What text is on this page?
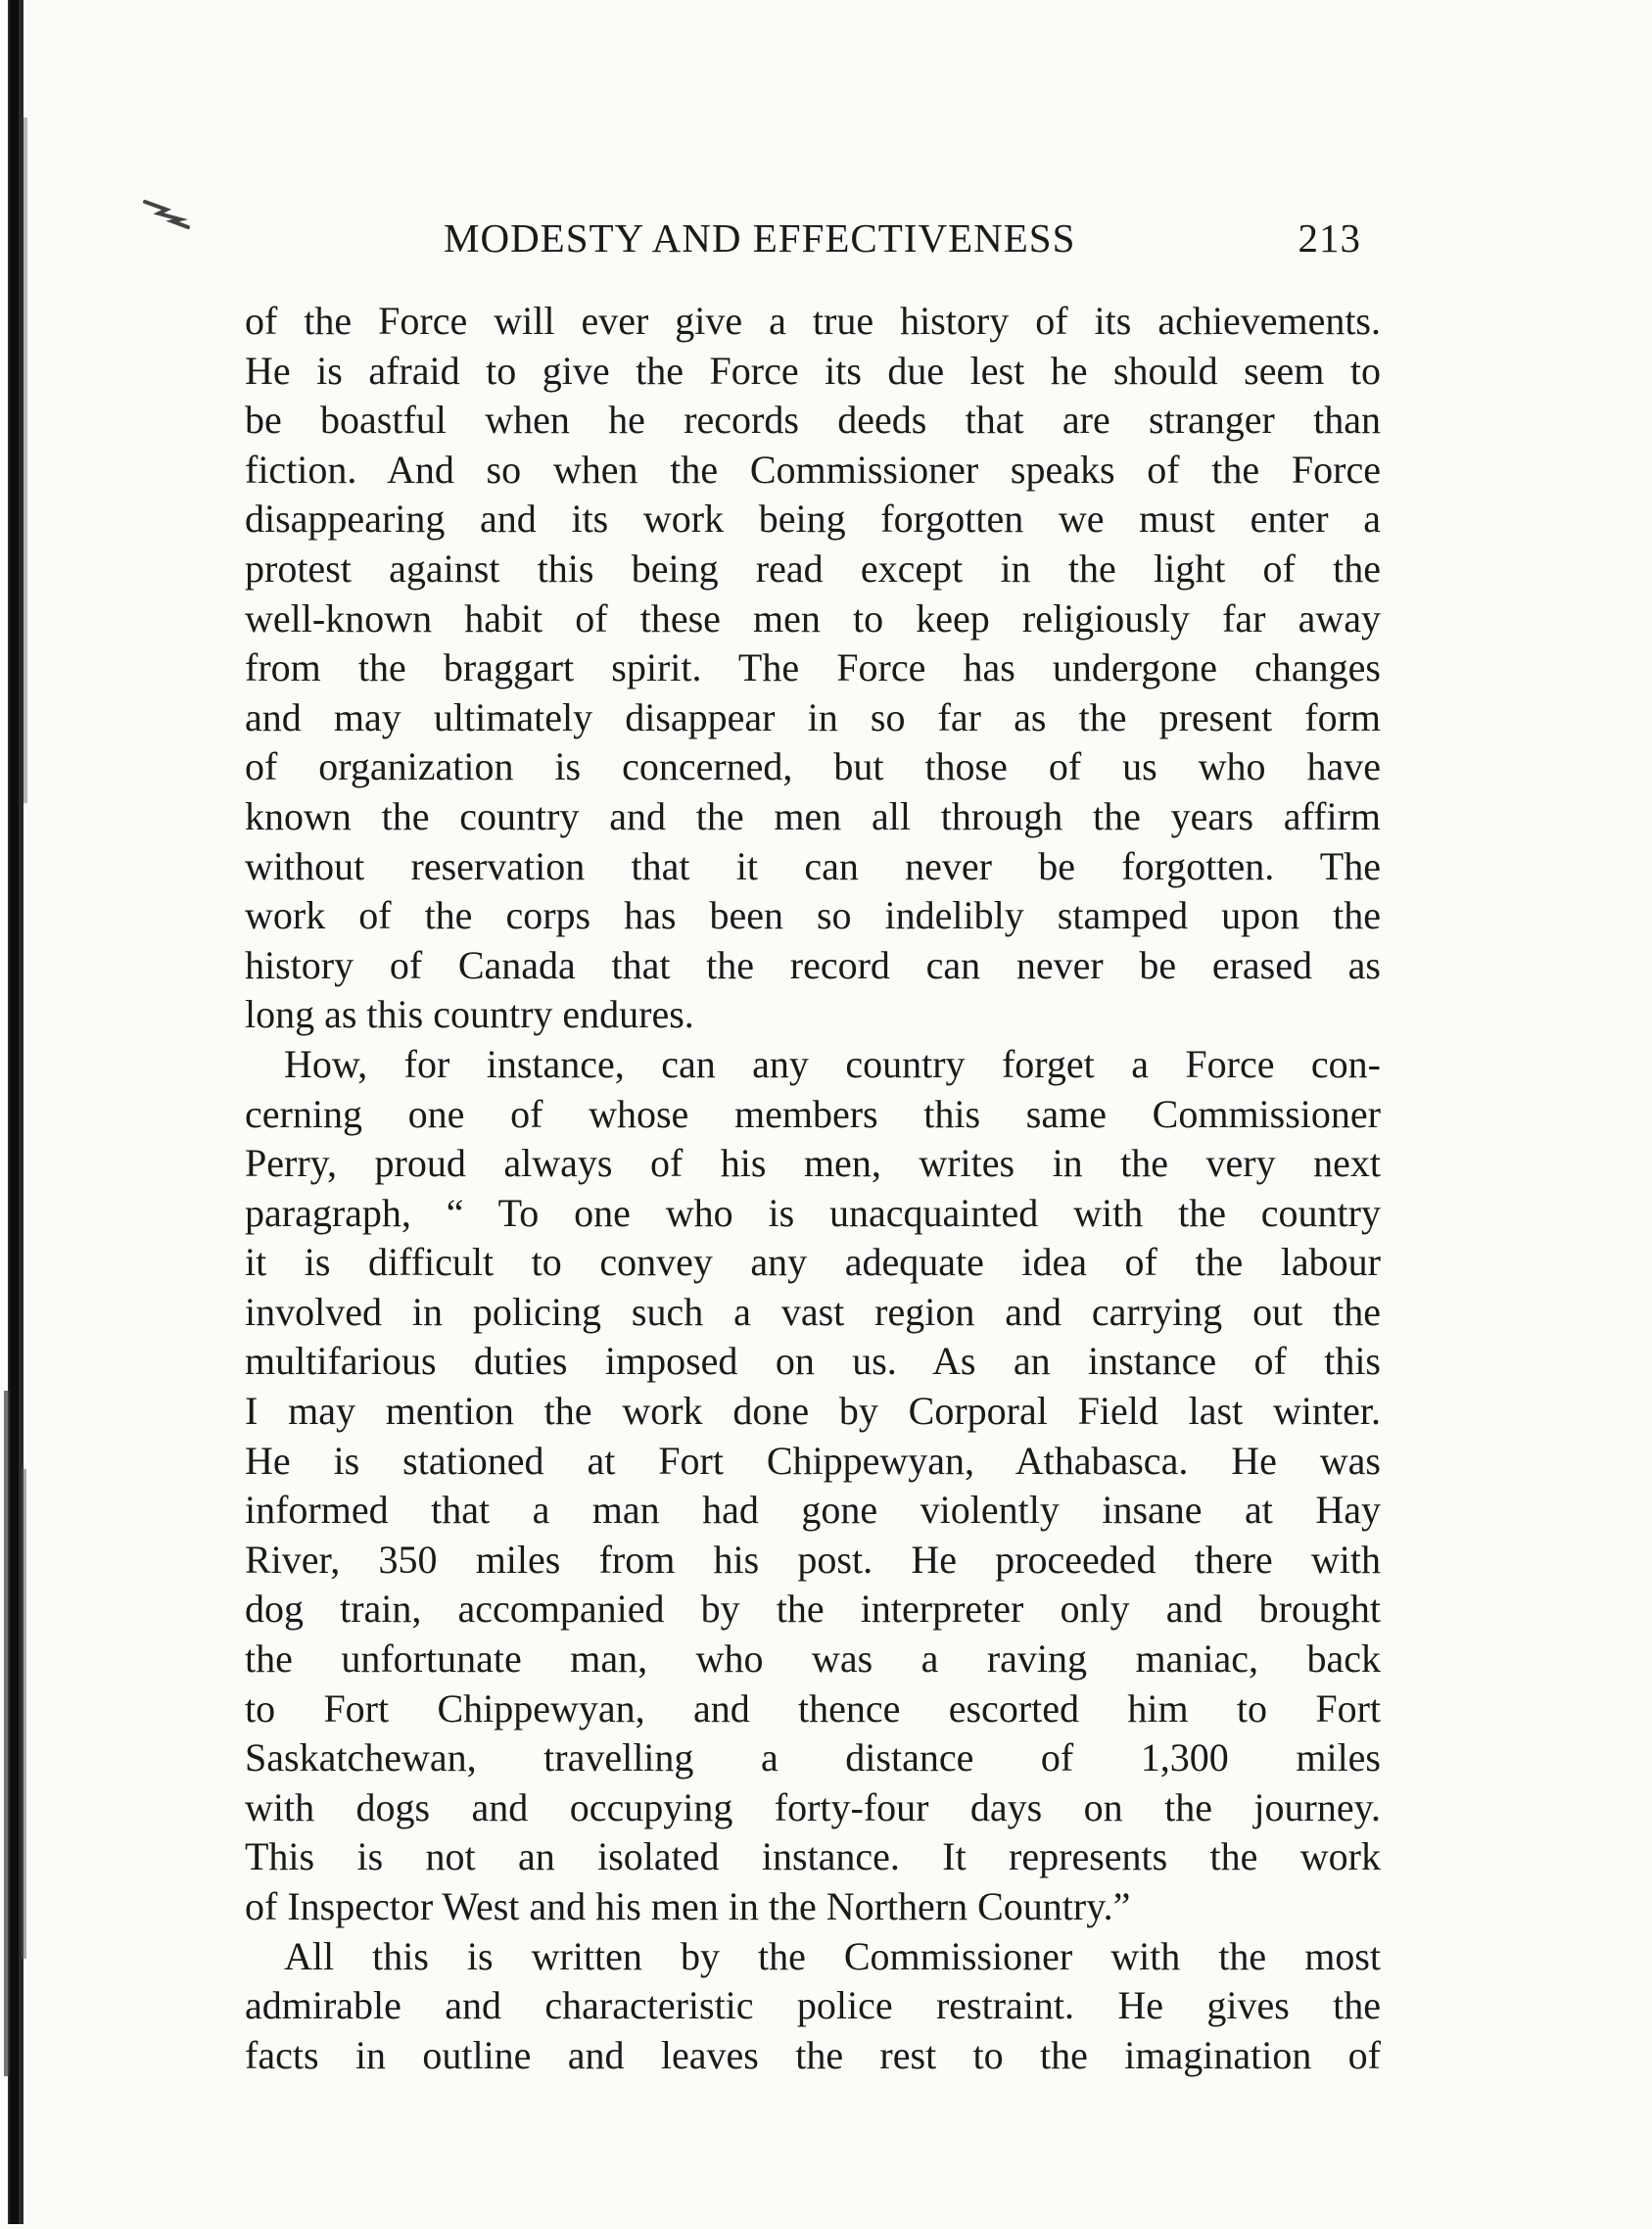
MODESTY AND EFFECTIVENESS	213
of the Force will ever give a true history of its achievements.
He is afraid to give the Force its due lest he should seem to
be boastful when he records deeds that are stranger than
fiction. And so when the Commissioner speaks of the Force
disappearing and its work being forgotten we must enter a
protest against this being read except in the light of the
well-known habit of these men to keep religiously far away
from the braggart spirit. The Force has undergone changes
and may ultimately disappear in so far as the present form
of organization is concerned, but those of us who have
known the country and the men all through the years affirm
without reservation that it can never be forgotten. The
work of the corps has been so indelibly stamped upon the
history of Canada that the record can never be erased as
long as this country endures.
How, for instance, can any country forget a Force con-
cerning one of whose members this same Commissioner
Perry, proud always of his men, writes in the very next
paragraph, “ To one who is unacquainted with the country
it is difficult to convey any adequate idea of the labour
involved in policing such a vast region and carrying out the
multifarious duties imposed on us. As an instance of this
I may mention the work done by Corporal Field last winter.
He is stationed at Fort Chippewyan, Athabasca. He was
informed that a man had gone violently insane at Hay
River, 350 miles from his post. He proceeded there with
dog train, accompanied by the interpreter only and brought
the unfortunate man, who was a raving maniac, back
to Fort Chippewyan, and thence escorted him to Fort
Saskatchewan, travelling a distance of 1,300 miles
with dogs and occupying forty-four days on the journey.
This is not an isolated instance. It represents the work
of Inspector West and his men in the Northern Country.”
All this is written by the Commissioner with the most
admirable and characteristic police restraint. He gives the
facts in outline and leaves the rest to the imagination of
